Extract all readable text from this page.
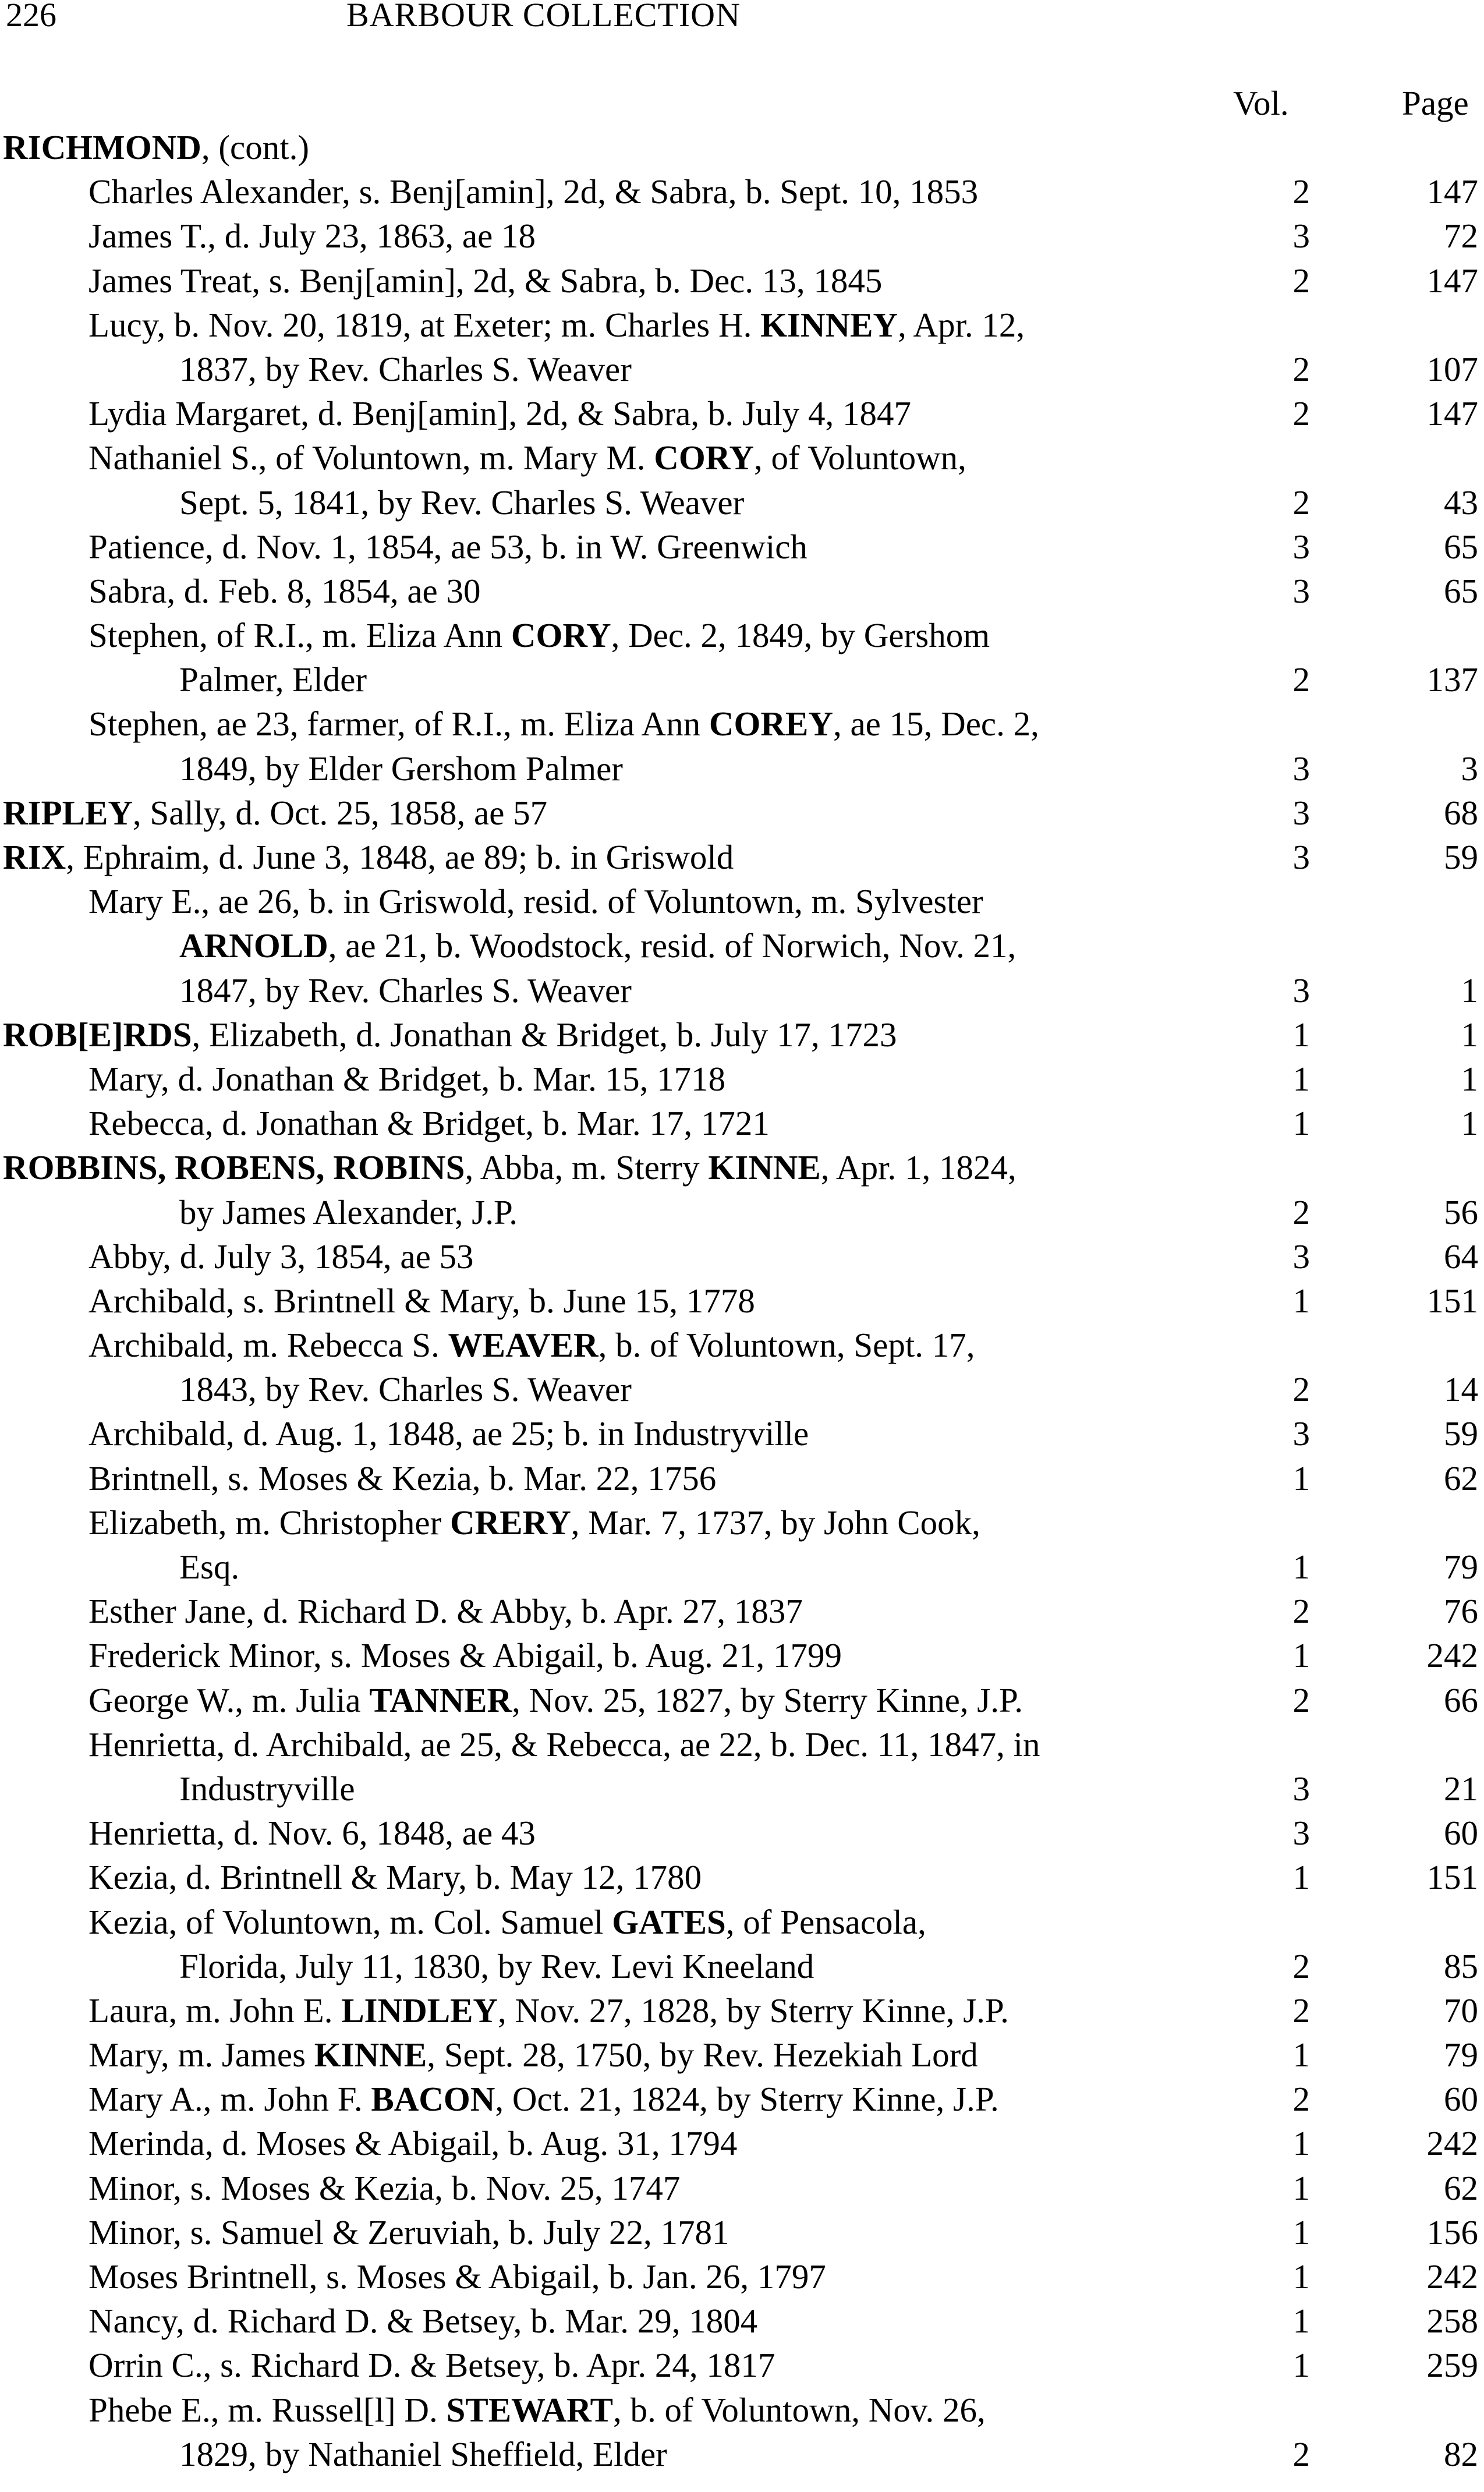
226	BARBOUR COLLECTION
Vol.	Page
RICHMOND, (cont.)
Charles Alexander, s. Benj[amin], 2d, & Sabra, b. Sept. 10, 1853	2	147
James T., d. July 23, 1863, ae 18	3	72
James Treat, s. Benj[amin], 2d, & Sabra, b. Dec. 13, 1845	2	147
Lucy, b. Nov. 20, 1819, at Exeter; m. Charles H. KINNEY, Apr. 12,
1837, by Rev. Charles S. Weaver	2	107
Lydia Margaret, d. Benj[amin], 2d, & Sabra, b. July 4, 1847	2	147
Nathaniel S., of Voluntown, m. Mary M. CORY, of Voluntown,
Sept. 5, 1841, by Rev. Charles S. Weaver	2	43
Patience, d. Nov. 1, 1854, ae 53, b. in W. Greenwich	3	65
Sabra, d. Feb. 8, 1854, ae 30	3	65
Stephen, of R.I., m. Eliza Ann CORY, Dec. 2, 1849, by Gershom
Palmer, Elder	2	137
Stephen, ae 23, farmer, of R.I., m. Eliza Ann COREY, ae 15, Dec. 2,
1849, by Elder Gershom Palmer	3	3
RIPLEY, Sally, d. Oct. 25, 1858, ae 57	3	68
RIX, Ephraim, d. June 3, 1848, ae 89; b. in Griswold	3	59
Mary E., ae 26, b. in Griswold, resid. of Voluntown, m. Sylvester
ARNOLD, ae 21, b. Woodstock, resid. of Norwich, Nov. 21,
1847, by Rev. Charles S. Weaver	3	1
ROB[E]RDS, Elizabeth, d. Jonathan & Bridget, b. July 17, 1723	1	1
Mary, d. Jonathan & Bridget, b. Mar. 15, 1718	1	1
Rebecca, d. Jonathan & Bridget, b. Mar. 17, 1721	1	1
ROBBINS, ROBENS, ROBINS, Abba, m. Sterry KINNE, Apr. 1, 1824,
by James Alexander, J.P.	2	56
Abby, d. July 3, 1854, ae 53	3	64
Archibald, s. Brintnell & Mary, b. June 15, 1778	1	151
Archibald, m. Rebecca S. WEAVER, b. of Voluntown, Sept. 17,
1843, by Rev. Charles S. Weaver	2	14
Archibald, d. Aug. 1, 1848, ae 25; b. in Industryville	3	59
Brintnell, s. Moses & Kezia, b. Mar. 22, 1756	1	62
Elizabeth, m. Christopher CRERY, Mar. 7, 1737, by John Cook,
Esq.	1	79
Esther Jane, d. Richard D. & Abby, b. Apr. 27, 1837	2	76
Frederick Minor, s. Moses & Abigail, b. Aug. 21, 1799	1	242
George W., m. Julia TANNER, Nov. 25, 1827, by Sterry Kinne, J.P.	2	66
Henrietta, d. Archibald, ae 25, & Rebecca, ae 22, b. Dec. 11, 1847, in
Industryville	3	21
Henrietta, d. Nov. 6, 1848, ae 43	3	60
Kezia, d. Brintnell & Mary, b. May 12, 1780	1	151
Kezia, of Voluntown, m. Col. Samuel GATES, of Pensacola,
Florida, July 11, 1830, by Rev. Levi Kneeland	2	85
Laura, m. John E. LINDLEY, Nov. 27, 1828, by Sterry Kinne, J.P.	2	70
Mary, m. James KINNE, Sept. 28, 1750, by Rev. Hezekiah Lord	1	79
Mary A., m. John F. BACON, Oct. 21, 1824, by Sterry Kinne, J.P.	2	60
Merinda, d. Moses & Abigail, b. Aug. 31, 1794	1	242
Minor, s. Moses & Kezia, b. Nov. 25, 1747	1	62
Minor, s. Samuel & Zeruviah, b. July 22, 1781	1	156
Moses Brintnell, s. Moses & Abigail, b. Jan. 26, 1797	1	242
Nancy, d. Richard D. & Betsey, b. Mar. 29, 1804	1	258
Orrin C., s. Richard D. & Betsey, b. Apr. 24, 1817	1	259
Phebe E., m. Russel[l] D. STEWART, b. of Voluntown, Nov. 26,
1829, by Nathaniel Sheffield, Elder	2	82
